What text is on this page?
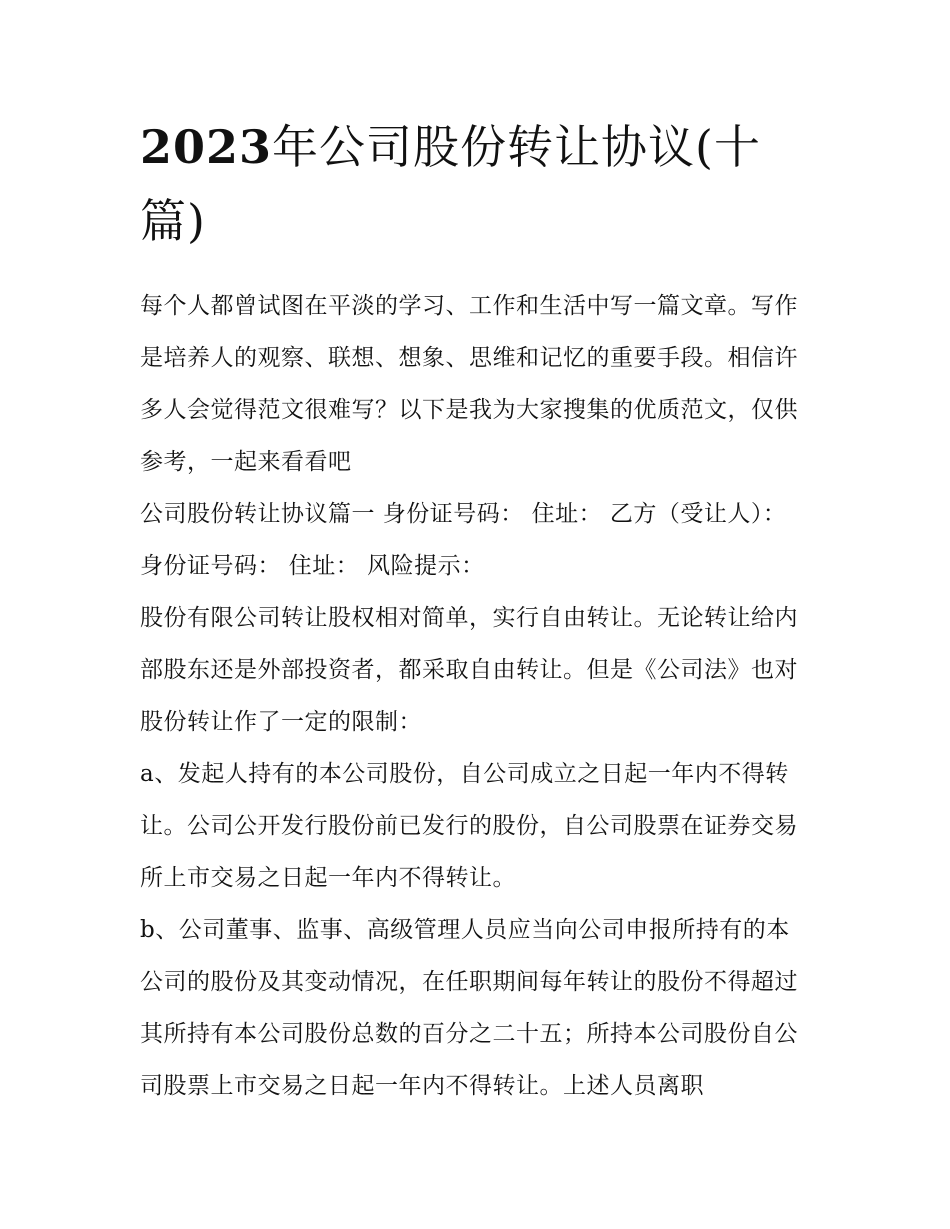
2023年公司股份转让协议(十篇)

每个人都曾试图在平淡的学习、工作和生活中写一篇文章。写作是培养人的观察、联想、想象、思维和记忆的重要手段。相信许多人会觉得范文很难写？以下是我为大家搜集的优质范文，仅供参考，一起来看看吧

公司股份转让协议篇一 身份证号码： 住址： 乙方（受让人）： 身份证号码： 住址： 风险提示：

股份有限公司转让股权相对简单，实行自由转让。无论转让给内部股东还是外部投资者，都采取自由转让。但是《公司法》也对股份转让作了一定的限制：

a、发起人持有的本公司股份，自公司成立之日起一年内不得转让。公司公开发行股份前已发行的股份，自公司股票在证券交易所上市交易之日起一年内不得转让。

b、公司董事、监事、高级管理人员应当向公司申报所持有的本公司的股份及其变动情况，在任职期间每年转让的股份不得超过其所持有本公司股份总数的百分之二十五；所持本公司股份自公司股票上市交易之日起一年内不得转让。上述人员离职
